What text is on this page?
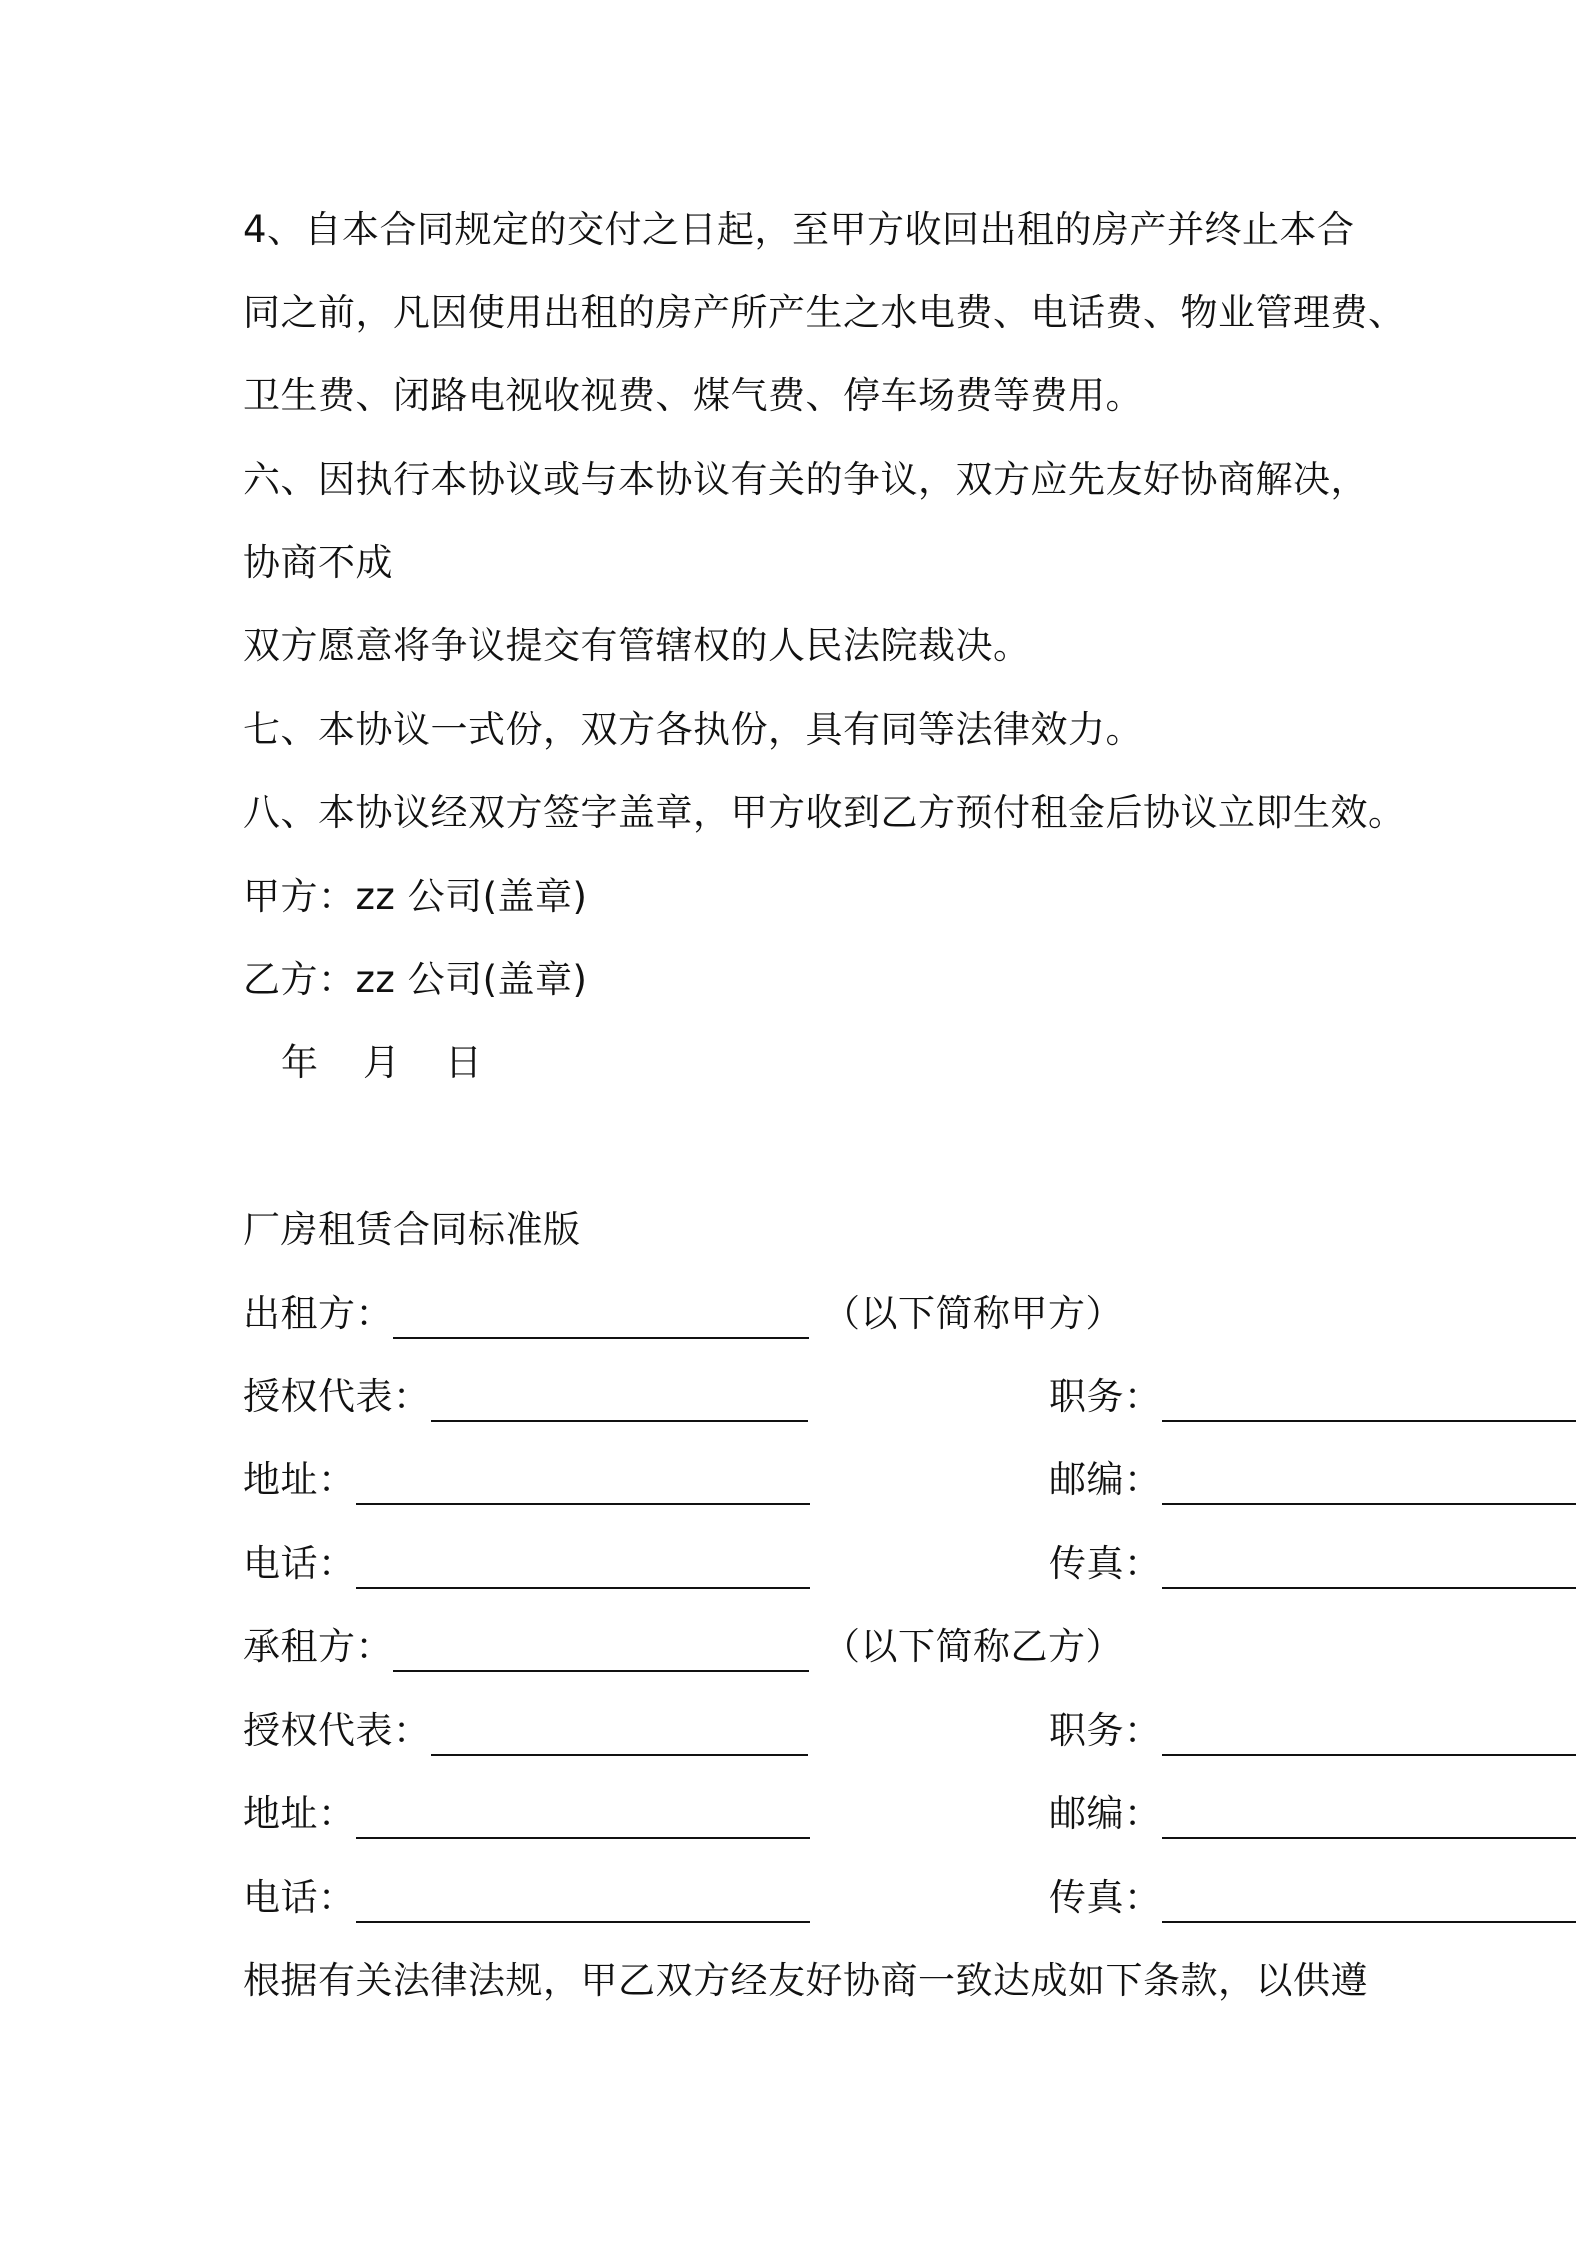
4、自本合同规定的交付之日起，至甲方收回出租的房产并终止本合
同之前，凡因使用出租的房产所产生之水电费、电话费、物业管理费、
卫生费、闭路电视收视费、煤气费、停车场费等费用。
六、因执行本协议或与本协议有关的争议，双方应先友好协商解决，
协商不成
双方愿意将争议提交有管辖权的人民法院裁决。
七、本协议一式份，双方各执份，具有同等法律效力。
八、本协议经双方签字盖章，甲方收到乙方预付租金后协议立即生效。
甲方：zz 公司(盖章)
乙方：zz 公司(盖章)
年　月　日
厂房租赁合同标准版
出租方：	（以下简称甲方）
授权代表：	职务：
地址：	邮编：
电话：	传真：
承租方：	（以下简称乙方）
授权代表：	职务：
地址：	邮编：
电话：	传真：
根据有关法律法规，甲乙双方经友好协商一致达成如下条款，以供遵
